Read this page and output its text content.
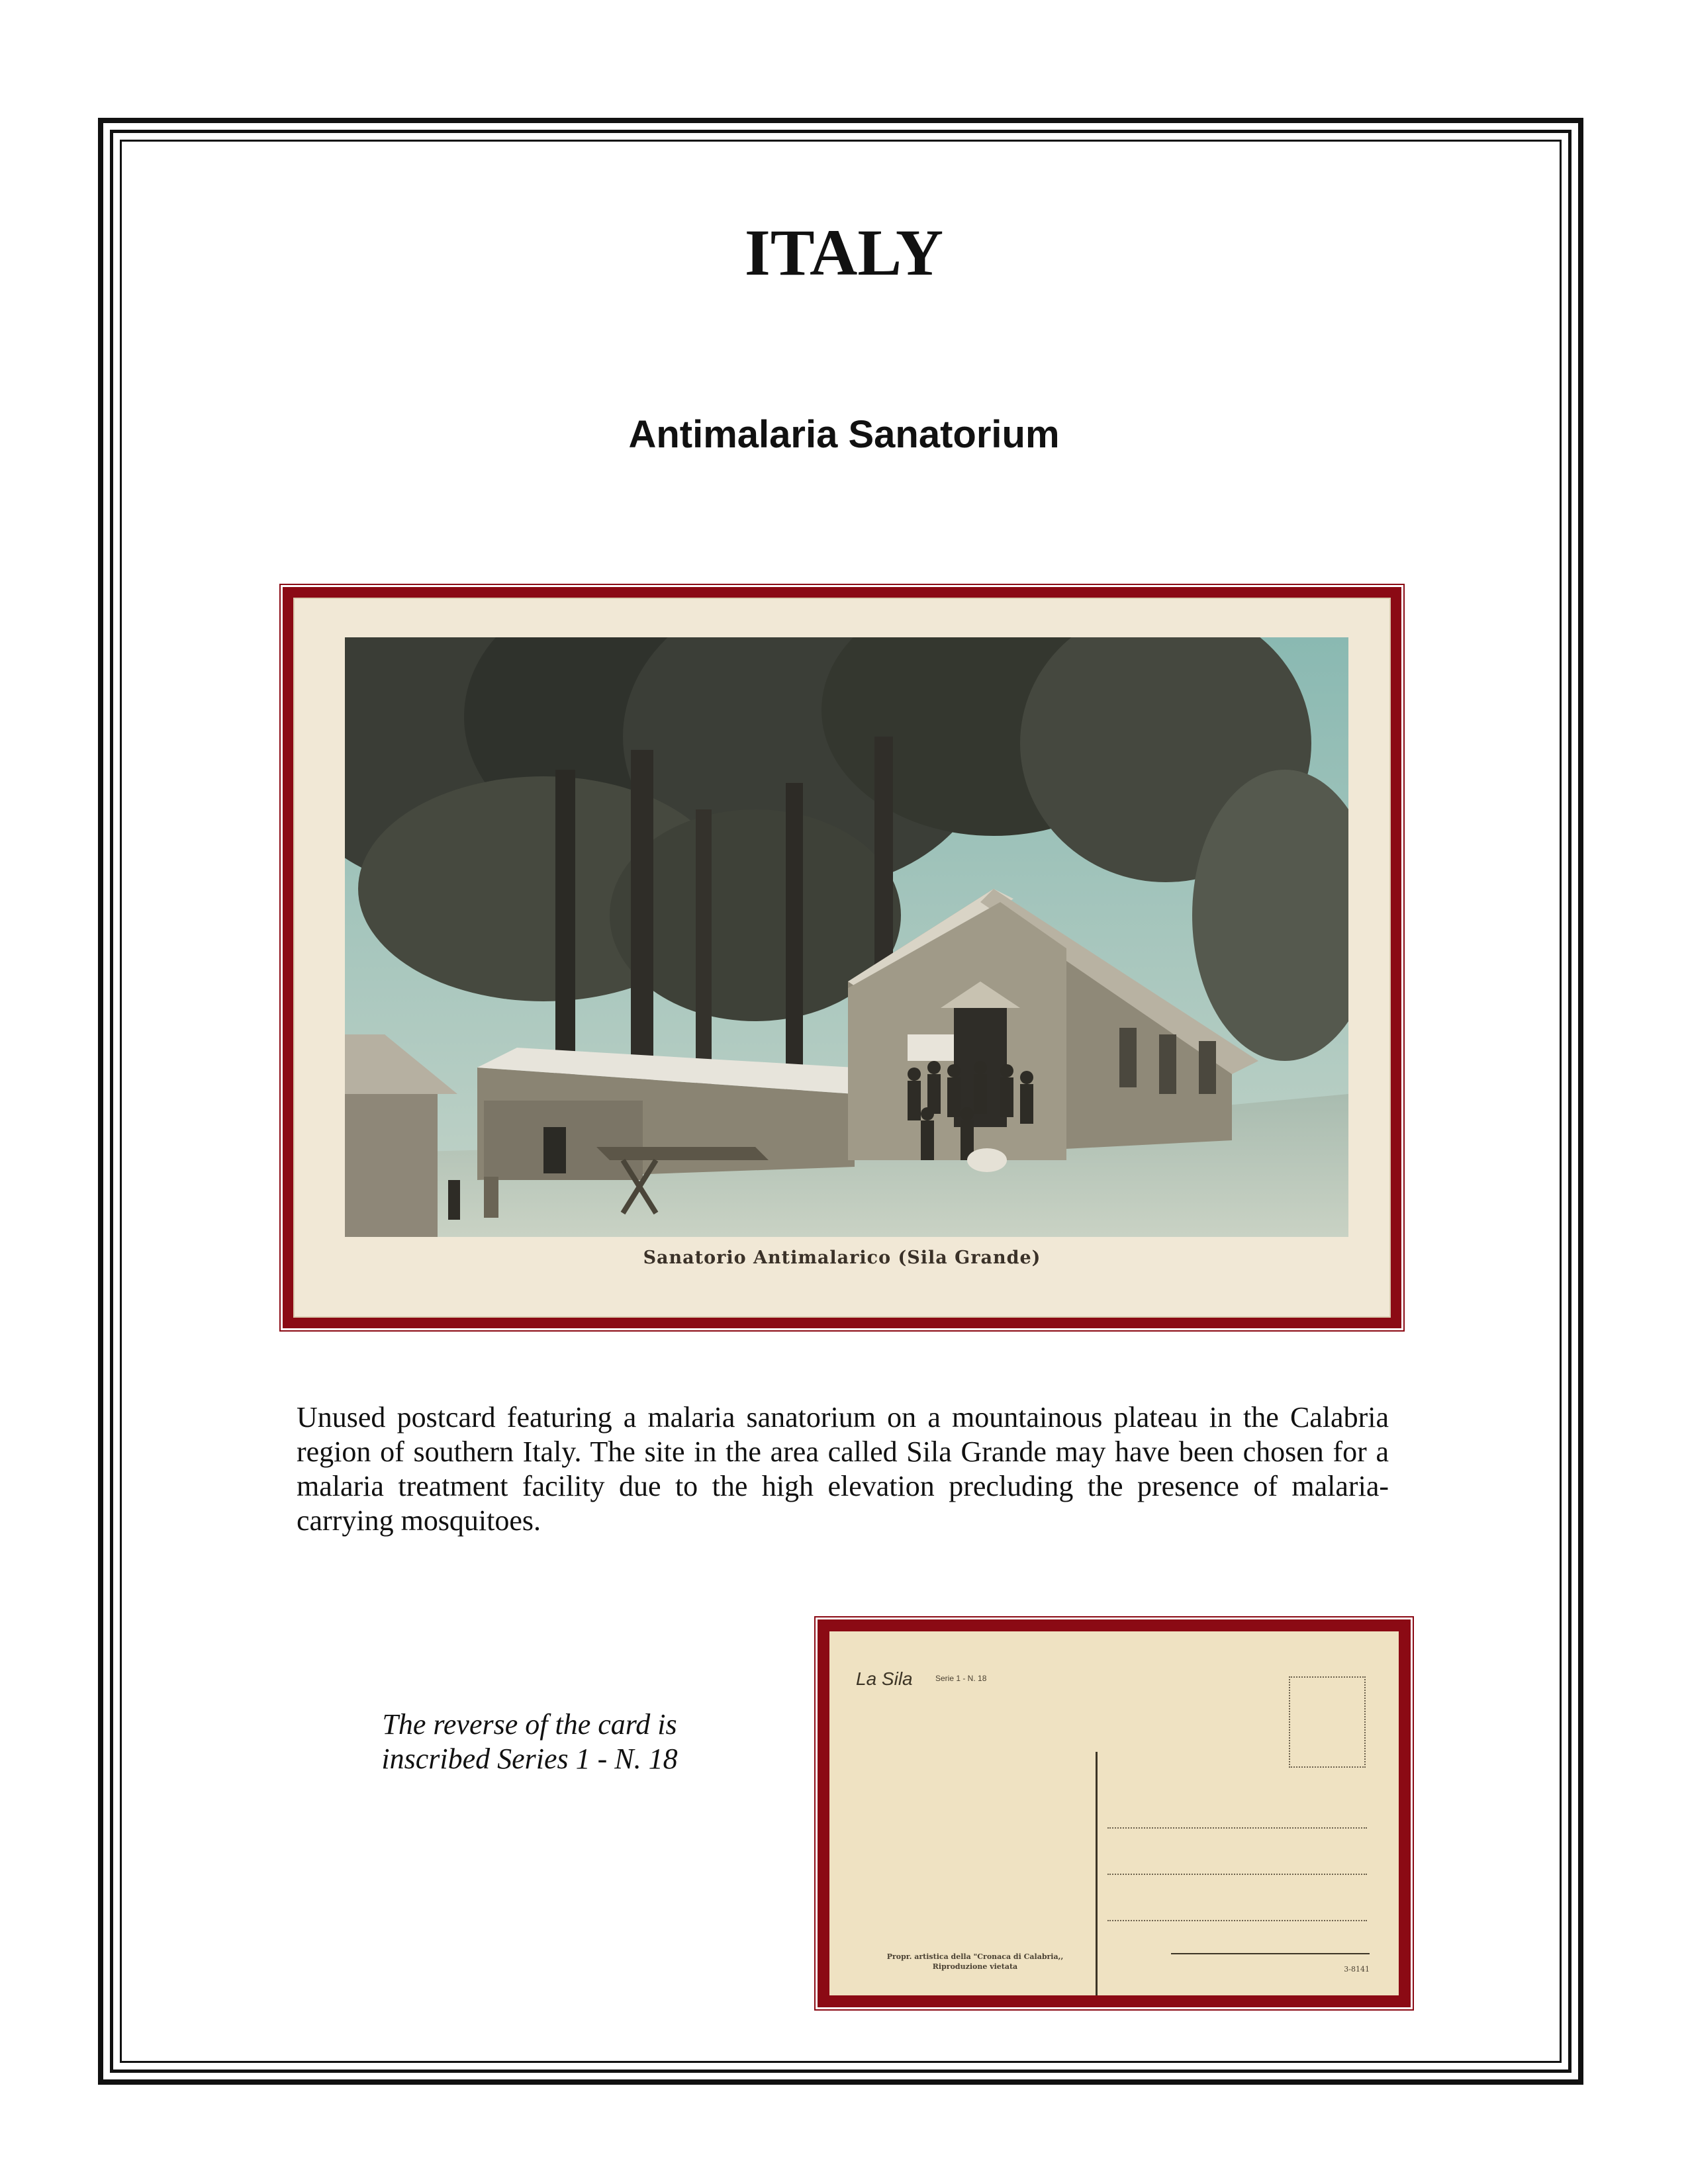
ITALY
Antimalaria Sanatorium
Sanatorio Antimalarico (Sila Grande)

Unused postcard featuring a malaria sanatorium on a mountainous plateau in the Calabria region of southern Italy. The site in the area called Sila Grande may have been chosen for a malaria treatment facility due to the high elevation precluding the presence of malaria-carrying mosquitoes.

The reverse of the card is
inscribed Series 1 - N. 18

La Sila	Serie 1 - N. 18
Propr. artistica della "Cronaca di Calabria,,
Riproduzione vietata	3-8141
